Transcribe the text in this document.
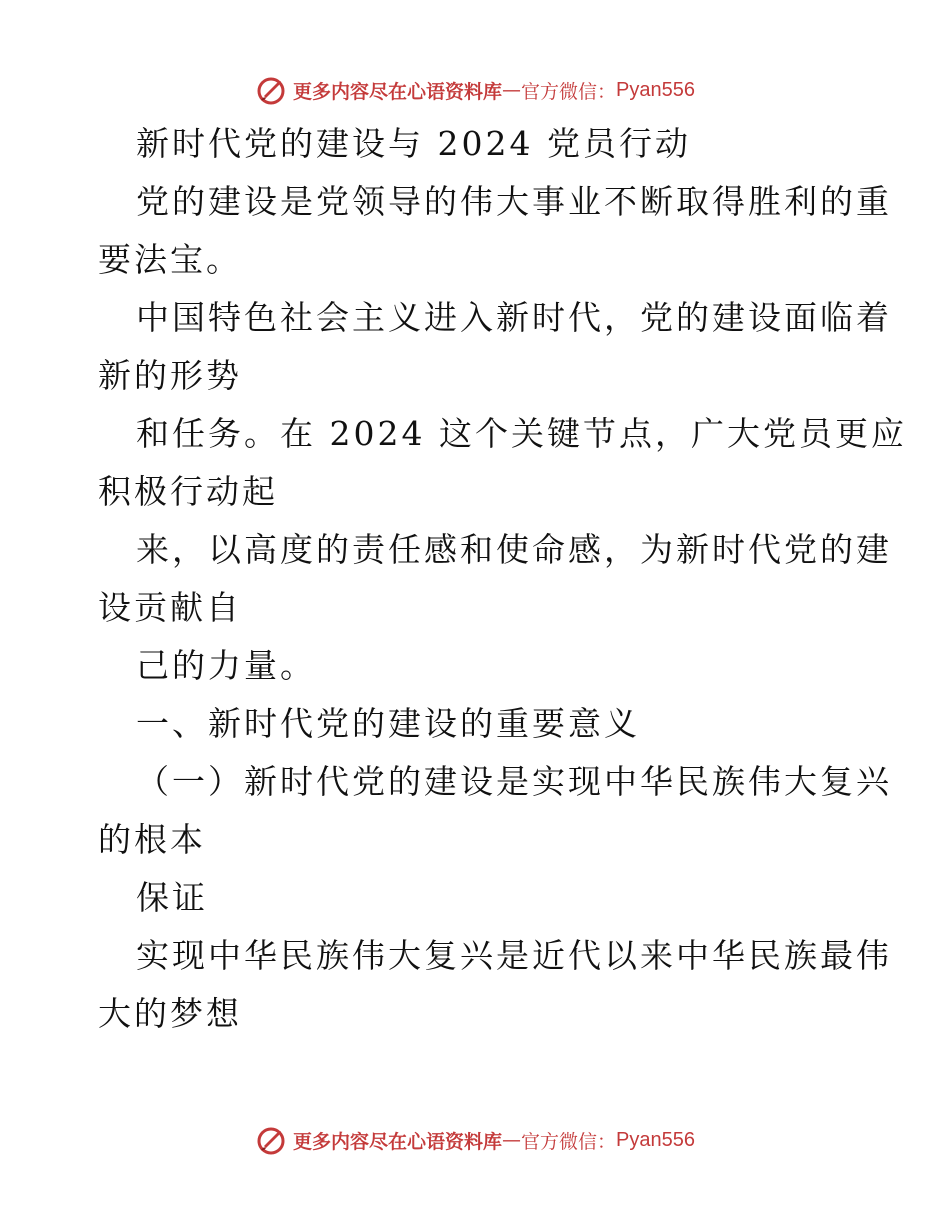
更多内容尽在心语资料库 — 官方微信： Pyan556
新时代党的建设与 2024 党员行动
党的建设是党领导的伟大事业不断取得胜利的重
要法宝。
中国特色社会主义进入新时代，党的建设面临着
新的形势
和任务。在 2024 这个关键节点，广大党员更应
积极行动起
来，以高度的责任感和使命感，为新时代党的建
设贡献自
己的力量。
一、新时代党的建设的重要意义
（一）新时代党的建设是实现中华民族伟大复兴
的根本
保证
实现中华民族伟大复兴是近代以来中华民族最伟
大的梦想
更多内容尽在心语资料库 — 官方微信： Pyan556
